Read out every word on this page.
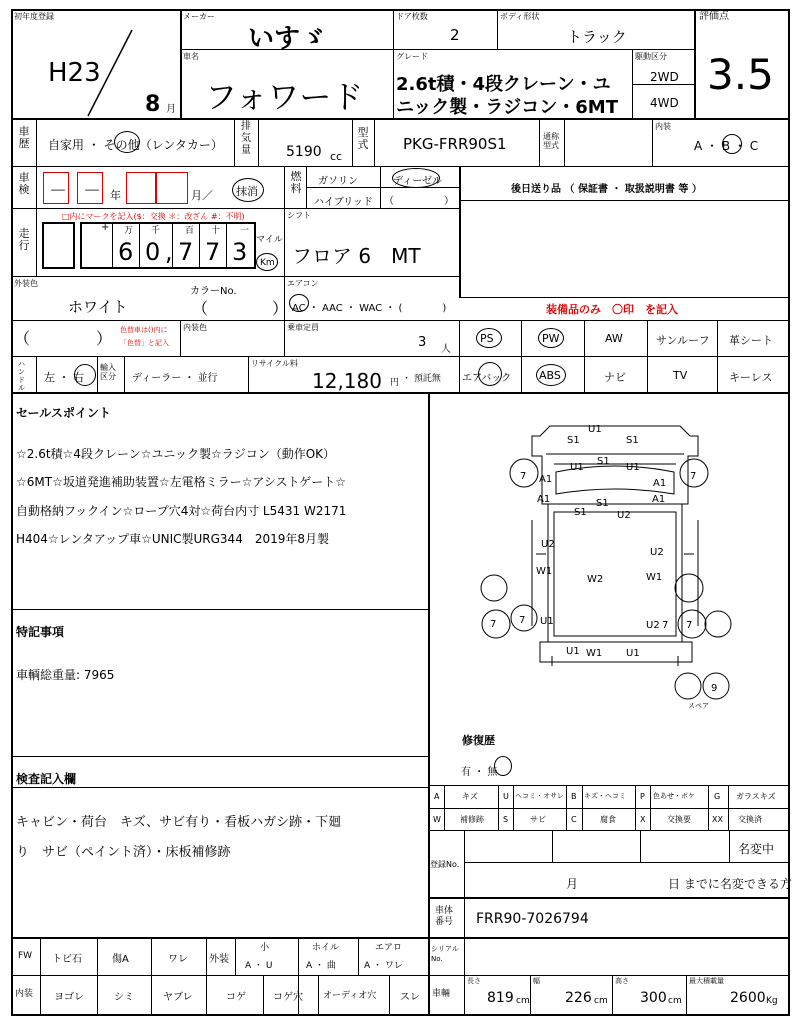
初年度登録
H23
8 月
メーカー
いすゞ
ドア枚数
2
ボディ形状
トラック
評価点
3.5
車名
フォワード
グレード
2.6t積・4段クレーン・ユ
ニック製・ラジコン・6MT
駆動区分
2WD
4WD
車歴 自家用 ・ その他（レンタカー）
排気量	5190 cc
型式 PKG-FRR90S1	通称型式
内装
A ・ B ・ C
車検 － － 年	月／ 抹消
燃料
ガソリン	ディーゼル
ハイブリッド （　　　　　）
後日送り品 （ 保証書 ・ 取扱説明書 等 ）
走行
□内にマークを記入($：交換 ＊：改ざん #：不明)
+ 万 千	百 十 一
6 0 , 7 7 3 マイル
Km
シフト
フロア 6　MT
外装色
ホワイト
カラーNo.
（　　　　）
エアコン
AC ・ AAC ・ WAC ・ (　　　　)	装備品のみ　〇印　を記入
（	） 色替車は()内に
「色替」と記入
内装色	乗車定員
3 人
PS	PW	AW	サンルーフ 革シート
ハンドル
左 ・ 右
輸入区分	ディーラー ・ 並行
リサイクル料
12,180 円 ・ 預託無 エアバック	ABS	ナビ	TV	キーレス
セールスポイント
☆2.6t積☆4段クレーン☆ユニック製☆ラジコン（動作OK）
☆6MT☆坂道発進補助装置☆左電格ミラー☆アシストゲート☆
自動格納フックイン☆ロープ穴4対☆荷台内寸 L5431 W2171
H404☆レンタアップ車☆UNIC製URG344　2019年8月製
特記事項
車輌総重量: 7965
検査記入欄
キャビン・荷台　キズ、サビ有り・看板ハガシ跡・下廻
り　サビ（ペイント済）・床板補修跡
U1
S1	S1
U1
S1
U1
7 A1
A1
7
A1
A1
S1
S1
U2
U2
U2
W1
W2	W1
7 7 U1	U2 7 7
U1 W1 U1
9
スペア
修復歴
有 ・ 無
A	キズ	U ヘコミ・オサレ B キズ・ヘコミ P 色あせ・ボケ G ガラスキズ
W 補修跡 S	サビ	C	腐食	X	交換要	XX 交換済
登録No.
名変中
月	日 までに名変できる方
車体番号	FRR90-7026794
FW トビ石	傷A	ワレ 外装
小
A ・ U
ホイル
A ・ 曲
エアロ
A ・ ワレ
内装 ヨゴレ	シミ	ヤブレ	コゲ	コゲ穴 オーディオ穴 スレ
シリアルNo.
車輛
長さ
819 cm
幅
226 cm
高さ
300 cm
最大積載量
2600 Kg
